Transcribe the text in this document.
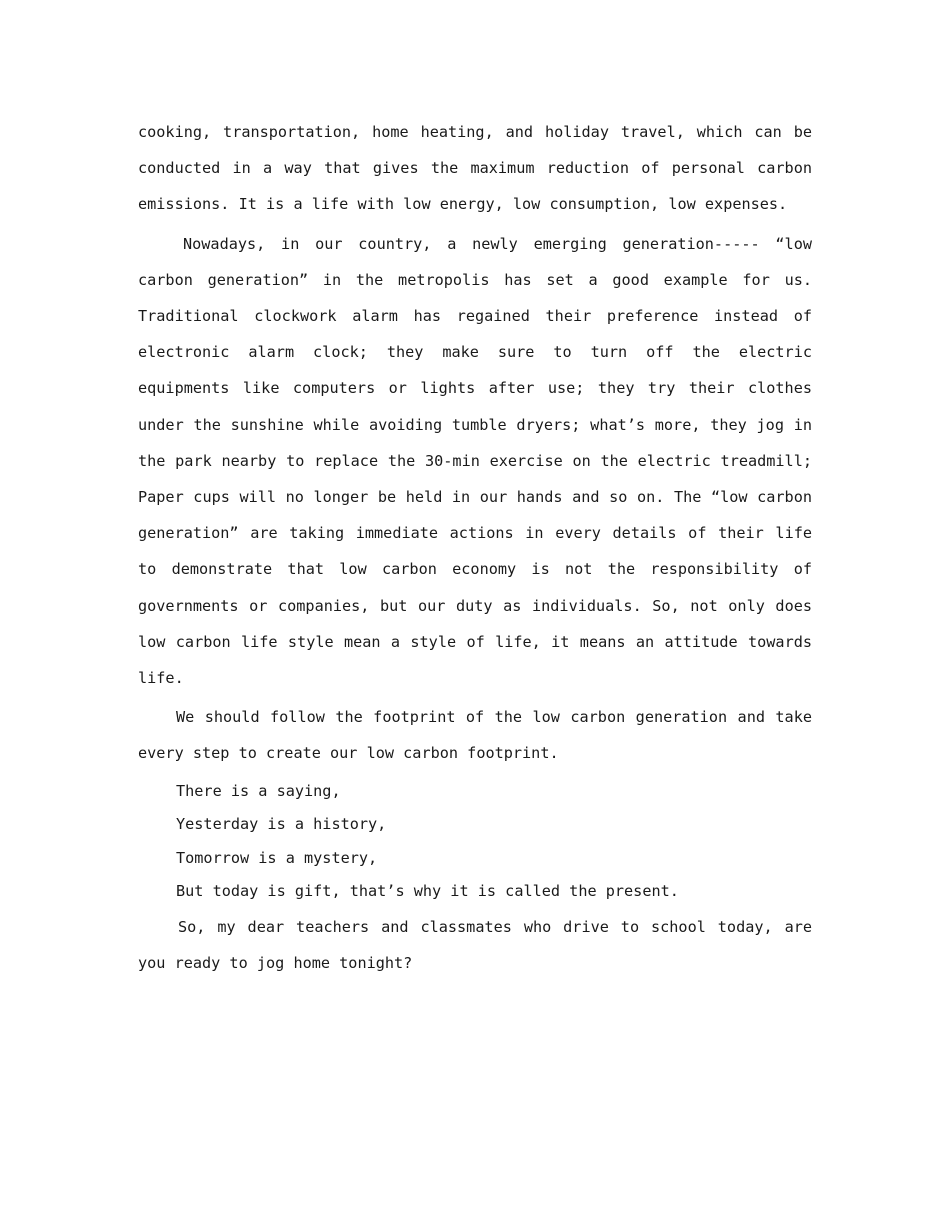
cooking, transportation, home heating, and holiday travel, which can be conducted in a way that gives the maximum reduction of personal carbon emissions. It is a life with low energy, low consumption, low expenses.

Nowadays, in our country, a newly emerging generation----- “low carbon generation” in the metropolis has set a good example for us. Traditional clockwork alarm has regained their preference instead of electronic alarm clock; they make sure to turn off the electric equipments like computers or lights after use; they try their clothes under the sunshine while avoiding tumble dryers; what’s more, they jog in the park nearby to replace the 30-min exercise on the electric treadmill; Paper cups will no longer be held in our hands and so on. The “low carbon generation” are taking immediate actions in every details of their life to demonstrate that low carbon economy is not the responsibility of governments or companies, but our duty as individuals. So, not only does low carbon life style mean a style of life, it means an attitude towards life.

We should follow the footprint of the low carbon generation and take every step to create our low carbon footprint.

There is a saying,

Yesterday is a history,

Tomorrow is a mystery,

But today is gift, that’s why it is called the present.

So, my dear teachers and classmates who drive to school today, are you ready to jog home tonight?
